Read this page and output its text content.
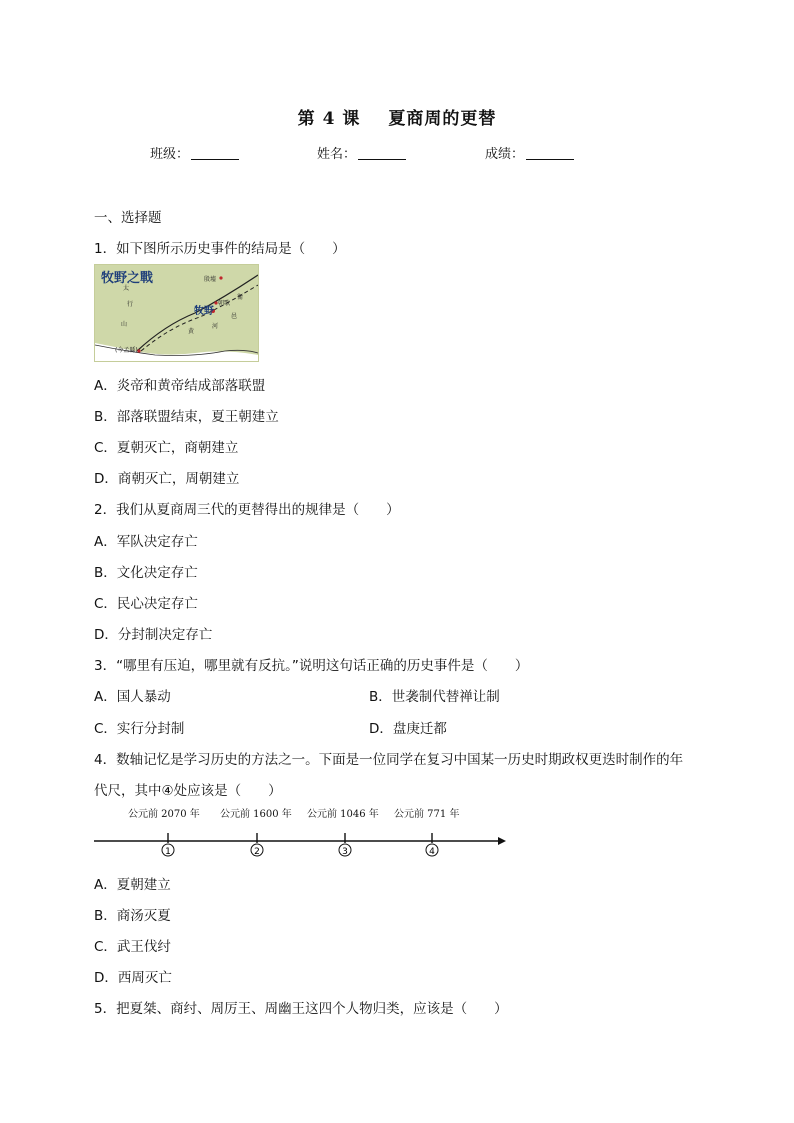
第 4 课 夏商周的更替
班级：	姓名：	成绩：
一、选择题
1．如下图所示历史事件的结局是（　　）
牧野之戰	殷墟
朝歌
牧野
(今孟縣)
太
行
山
衛
河
黄
邑
A．炎帝和黄帝结成部落联盟
B．部落联盟结束，夏王朝建立
C．夏朝灭亡，商朝建立
D．商朝灭亡，周朝建立
2．我们从夏商周三代的更替得出的规律是（　　）
A．军队决定存亡
B．文化决定存亡
C．民心决定存亡
D．分封制决定存亡
3．“哪里有压迫，哪里就有反抗。”说明这句话正确的历史事件是（　　）
A．国人暴动	B．世袭制代替禅让制
C．实行分封制	D．盘庚迁都
4．数轴记忆是学习历史的方法之一。下面是一位同学在复习中国某一历史时期政权更迭时制作的年
代尺，其中④处应该是（　　）
公元前 2070 年 公元前 1600 年 公元前 1046 年 公元前 771 年
1	2	3	4
A．夏朝建立
B．商汤灭夏
C．武王伐纣
D．西周灭亡
5．把夏桀、商纣、周厉王、周幽王这四个人物归类，应该是（　　）
